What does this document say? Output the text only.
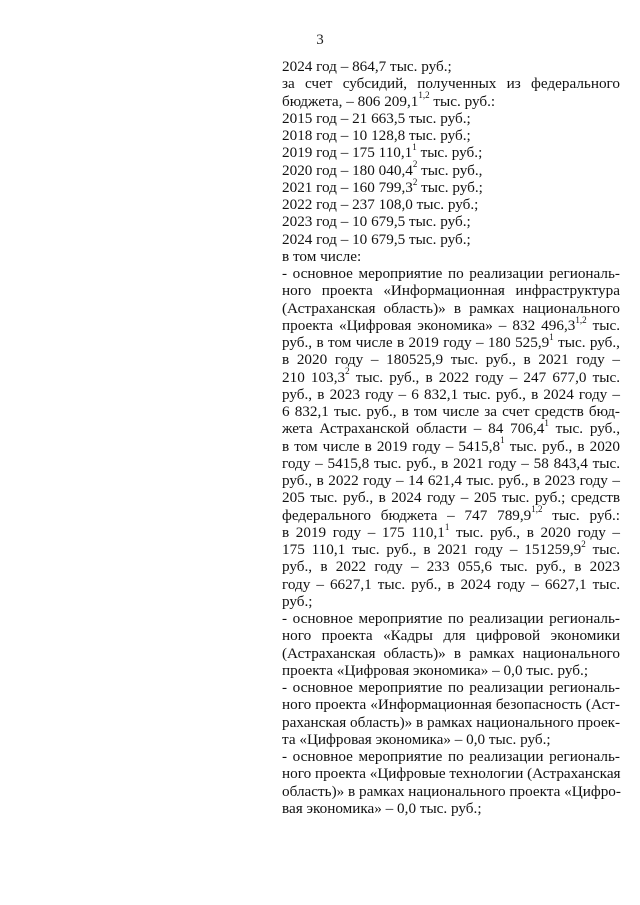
3
2024 год – 864,7 тыс. руб.;
за счет субсидий, полученных из федерального
бюджета, – 806 209,1$^{1,2}$ тыс. руб.:
2015 год – 21 663,5 тыс. руб.;
2018 год – 10 128,8 тыс. руб.;
2019 год – 175 110,1$^1$ тыс. руб.;
2020 год – 180 040,4$^2$ тыс. руб.,
2021 год – 160 799,3$^2$ тыс. руб.;
2022 год – 237 108,0 тыс. руб.;
2023 год – 10 679,5 тыс. руб.;
2024 год – 10 679,5 тыс. руб.;
в том числе:
- основное мероприятие по реализации региональ-
ного проекта «Информационная инфраструктура
(Астраханская область)» в рамках национального
проекта «Цифровая экономика» – 832 496,3$^{1,2}$ тыс.
руб., в том числе в 2019 году – 180 525,9$^1$ тыс. руб.,
в 2020 году – 180525,9 тыс. руб., в 2021 году –
210 103,3$^2$ тыс. руб., в 2022 году – 247 677,0 тыс.
руб., в 2023 году – 6 832,1 тыс. руб., в 2024 году –
6 832,1 тыс. руб., в том числе за счет средств бюд-
жета Астраханской области – 84 706,4$^1$ тыс. руб.,
в том числе в 2019 году – 5415,8$^1$ тыс. руб., в 2020
году – 5415,8 тыс. руб., в 2021 году – 58 843,4 тыс.
руб., в 2022 году – 14 621,4 тыс. руб., в 2023 году –
205 тыс. руб., в 2024 году – 205 тыс. руб.; средств
федерального бюджета – 747 789,9$^{1,2}$ тыс. руб.:
в 2019 году – 175 110,1$^1$ тыс. руб., в 2020 году –
175 110,1 тыс. руб., в 2021 году – 151259,9$^2$ тыс.
руб., в 2022 году – 233 055,6 тыс. руб., в 2023
году – 6627,1 тыс. руб., в 2024 году – 6627,1 тыс.
руб.;
- основное мероприятие по реализации региональ-
ного проекта «Кадры для цифровой экономики
(Астраханская область)» в рамках национального
проекта «Цифровая экономика» – 0,0 тыс. руб.;
- основное мероприятие по реализации региональ-
ного проекта «Информационная безопасность (Аст-
раханская область)» в рамках национального проек-
та «Цифровая экономика» – 0,0 тыс. руб.;
- основное мероприятие по реализации региональ-
ного проекта «Цифровые технологии (Астраханская
область)» в рамках национального проекта «Цифро-
вая экономика» – 0,0 тыс. руб.;
